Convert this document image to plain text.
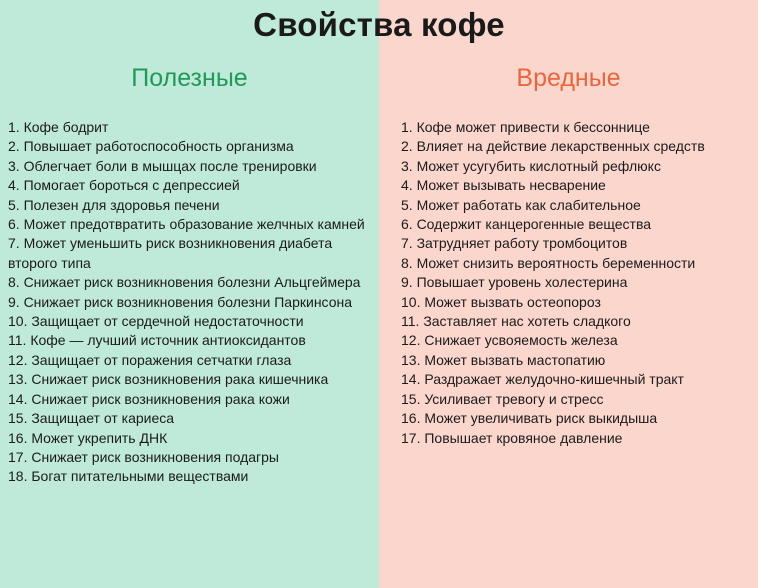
Свойства кофе
Полезные	Вредные
1. Кофе бодрит
2. Повышает работоспособность организма
3. Облегчает боли в мышцах после тренировки
4. Помогает бороться с депрессией
5. Полезен для здоровья печени
6. Может предотвратить образование желчных камней
7. Может уменьшить риск возникновения диабета второго типа
8. Снижает риск возникновения болезни Альцгеймера
9. Снижает риск возникновения болезни Паркинсона
10. Защищает от сердечной недостаточности
11. Кофе — лучший источник антиоксидантов
12. Защищает от поражения сетчатки глаза
13. Снижает риск возникновения рака кишечника
14. Снижает риск возникновения рака кожи
15. Защищает от кариеса
16. Может укрепить ДНК
17. Снижает риск возникновения подагры
18. Богат питательными веществами
1. Кофе может привести к бессоннице
2. Влияет на действие лекарственных средств
3. Может усугубить кислотный рефлюкс
4. Может вызывать несварение
5. Может работать как слабительное
6. Содержит канцерогенные вещества
7. Затрудняет работу тромбоцитов
8. Может снизить вероятность беременности
9. Повышает уровень холестерина
10. Может вызвать остеопороз
11. Заставляет нас хотеть сладкого
12. Снижает усвояемость железа
13. Может вызвать мастопатию
14. Раздражает желудочно-кишечный тракт
15. Усиливает тревогу и стресс
16. Может увеличивать риск выкидыша
17. Повышает кровяное давление
